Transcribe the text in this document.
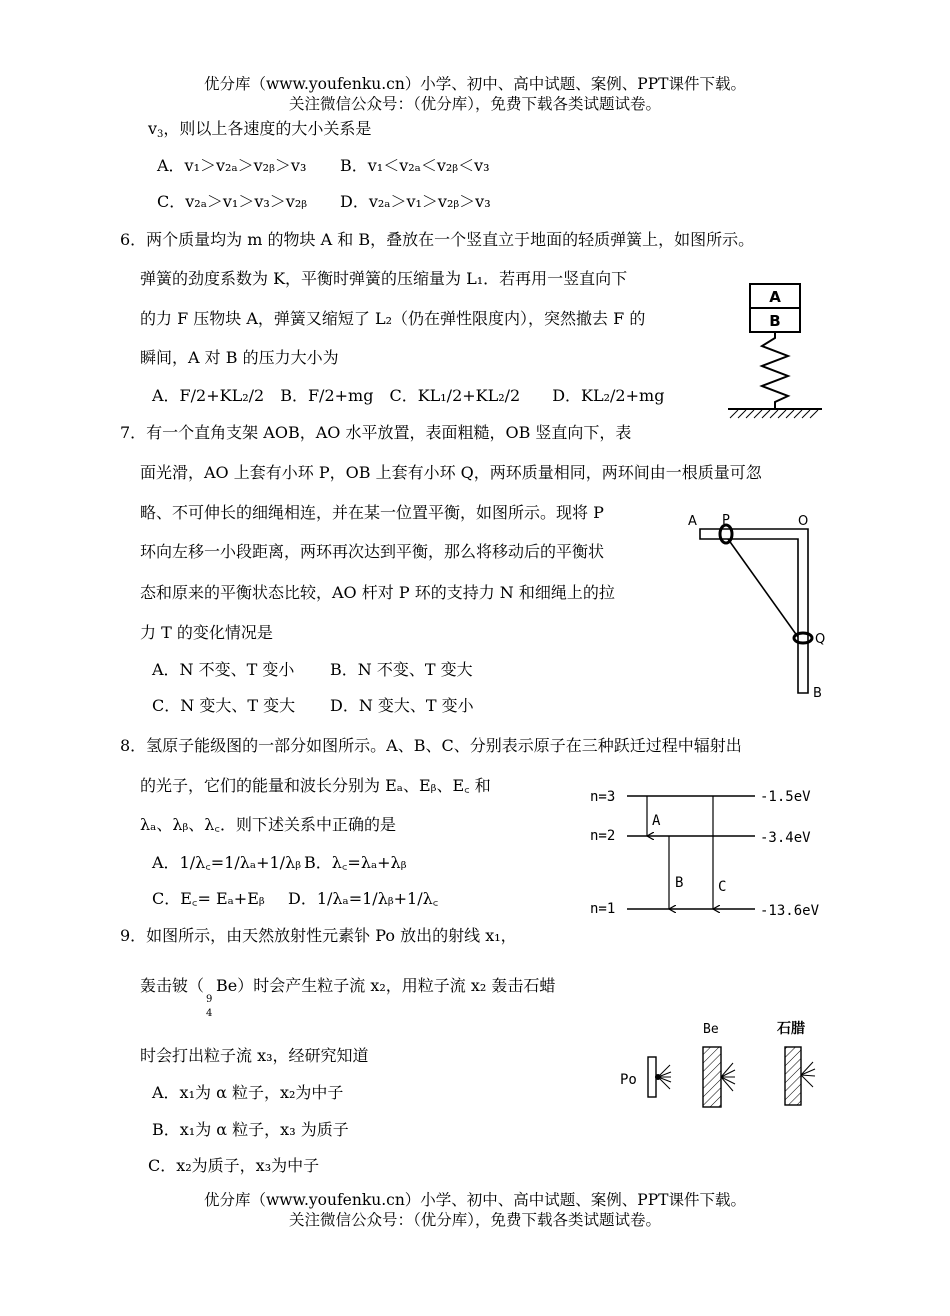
优分库（www.youfenku.cn）小学、初中、高中试题、案例、PPT课件下载。
关注微信公众号：（优分库），免费下载各类试题试卷。
$v_3$，则以上各速度的大小关系是
A．v₁＞v₂ₐ＞v₂ᵦ＞v₃ B．v₁＜v₂ₐ＜v₂ᵦ＜v₃
C．v₂ₐ＞v₁＞v₃＞v₂ᵦ D．v₂ₐ＞v₁＞v₂ᵦ＞v₃
6．两个质量均为 m 的物块 A 和 B，叠放在一个竖直立于地面的轻质弹簧上，如图所示。
弹簧的劲度系数为 K，平衡时弹簧的压缩量为 L₁．若再用一竖直向下
的力 F 压物块 A，弹簧又缩短了 L₂（仍在弹性限度内），突然撤去 F 的
瞬间，A 对 B 的压力大小为
A．F/2+KL₂/2　B．F/2+mg　C．KL₁/2+KL₂/2　　D．KL₂/2+mg
A
B
7．有一个直角支架 AOB，AO 水平放置，表面粗糙，OB 竖直向下，表
面光滑，AO 上套有小环 P，OB 上套有小环 Q，两环质量相同，两环间由一根质量可忽
略、不可伸长的细绳相连，并在某一位置平衡，如图所示。现将 P
环向左移一小段距离，两环再次达到平衡，那么将移动后的平衡状
态和原来的平衡状态比较，AO 杆对 P 环的支持力 N 和细绳上的拉
力 T 的变化情况是
A．N 不变、T 变小 B．N 不变、T 变大
C．N 变大、T 变大 D．N 变大、T 变小
A P	O
Q
B
8．氢原子能级图的一部分如图所示。A、B、C、分别表示原子在三种跃迁过程中辐射出
的光子，它们的能量和波长分别为 Eₐ、Eᵦ、E꜀ 和
λₐ、λᵦ、λ꜀．则下述关系中正确的是
A．1/λ꜀=1/λₐ+1/λᵦ B．λ꜀=λₐ+λᵦ
C．E꜀= Eₐ+Eᵦ D．1/λₐ=1/λᵦ+1/λ꜀
n=3	-1.5eV
n=2	-3.4eV
n=1	-13.6eV
A
B C
9．如图所示，由天然放射性元素钋 Po 放出的射线 x₁，
轰击铍（
9
4
Be）时会产生粒子流 x₂，用粒子流 x₂ 轰击石蜡
时会打出粒子流 x₃，经研究知道
A．x₁为 α 粒子，x₂为中子
B．x₁为 α 粒子，x₃ 为质子
C．x₂为质子，x₃为中子
Po
Be	石腊
优分库（www.youfenku.cn）小学、初中、高中试题、案例、PPT课件下载。
关注微信公众号：（优分库），免费下载各类试题试卷。
